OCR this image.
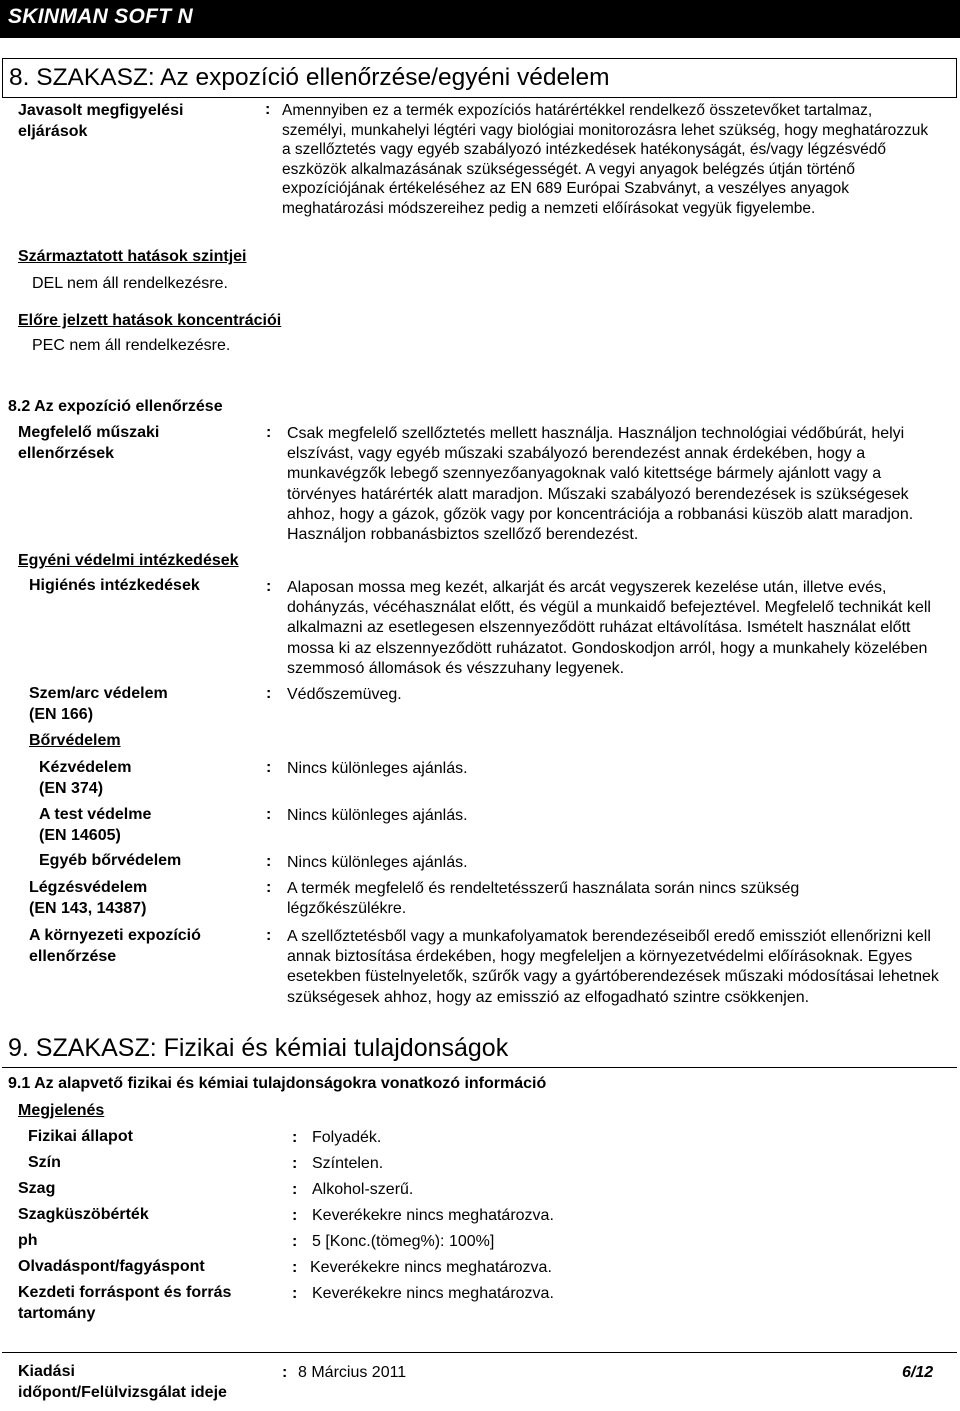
SKINMAN SOFT N
8. SZAKASZ: Az expozíció ellenőrzése/egyéni védelem
Javasolt megfigyelési
eljárások
: Amennyiben ez a termék expozíciós határértékkel rendelkező összetevőket tartalmaz, személyi, munkahelyi légtéri vagy biológiai monitorozásra lehet szükség, hogy meghatározzuk a szellőztetés vagy egyéb szabályozó intézkedések hatékonyságát, és/vagy légzésvédő eszközök alkalmazásának szükségességét. A vegyi anyagok belégzés útján történő expozíciójának értékeléséhez az EN 689 Európai Szabványt, a veszélyes anyagok meghatározási módszereihez pedig a nemzeti előírásokat vegyük figyelembe.
Származtatott hatások szintjei
DEL nem áll rendelkezésre.
Előre jelzett hatások koncentrációi
PEC nem áll rendelkezésre.
8.2 Az expozíció ellenőrzése
Megfelelő műszaki
ellenőrzések
: Csak megfelelő szellőztetés mellett használja. Használjon technológiai védőbúrát, helyi elszívást, vagy egyéb műszaki szabályozó berendezést annak érdekében, hogy a munkavégzők lebegő szennyezőanyagoknak való kitettsége bármely ajánlott vagy a törvényes határérték alatt maradjon. Műszaki szabályozó berendezések is szükségesek ahhoz, hogy a gázok, gőzök vagy por koncentrációja a robbanási küszöb alatt maradjon. Használjon robbanásbiztos szellőző berendezést.
Egyéni védelmi intézkedések
Higiénés intézkedések	: Alaposan mossa meg kezét, alkarját és arcát vegyszerek kezelése után, illetve evés, dohányzás, vécéhasználat előtt, és végül a munkaidő befejeztével. Megfelelő technikát kell alkalmazni az esetlegesen elszennyeződött ruházat eltávolítása. Ismételt használat előtt mossa ki az elszennyeződött ruházatot. Gondoskodjon arról, hogy a munkahely közelében szemmosó állomások és vészzuhany legyenek.
Szem/arc védelem
(EN 166)
: Védőszemüveg.
Bőrvédelem
Kézvédelem
(EN 374)
: Nincs különleges ajánlás.
A test védelme
(EN 14605)
: Nincs különleges ajánlás.
Egyéb bőrvédelem	: Nincs különleges ajánlás.
Légzésvédelem
(EN 143, 14387)
: A termék megfelelő és rendeltetésszerű használata során nincs szükség légzőkészülékre.
A környezeti expozíció
ellenőrzése
: A szellőztetésből vagy a munkafolyamatok berendezéseiből eredő emissziót ellenőrizni kell annak biztosítása érdekében, hogy megfeleljen a környezetvédelmi előírásoknak. Egyes esetekben füstelnyeletők, szűrők vagy a gyártóberendezések műszaki módosításai lehetnek szükségesek ahhoz, hogy az emisszió az elfogadható szintre csökkenjen.
9. SZAKASZ: Fizikai és kémiai tulajdonságok
9.1 Az alapvető fizikai és kémiai tulajdonságokra vonatkozó információ
Megjelenés
Fizikai állapot	: Folyadék.
Szín	: Színtelen.
Szag	: Alkohol-szerű.
Szagküszöbérték	: Keverékekre nincs meghatározva.
ph	: 5 [Konc.(tömeg%): 100%]
Olvadáspont/fagyáspont	: Keverékekre nincs meghatározva.
Kezdeti forráspont és forrás
tartomány
: Keverékekre nincs meghatározva.
Kiadási
időpont/Felülvizsgálat ideje
: 8 Március 2011	6/12
